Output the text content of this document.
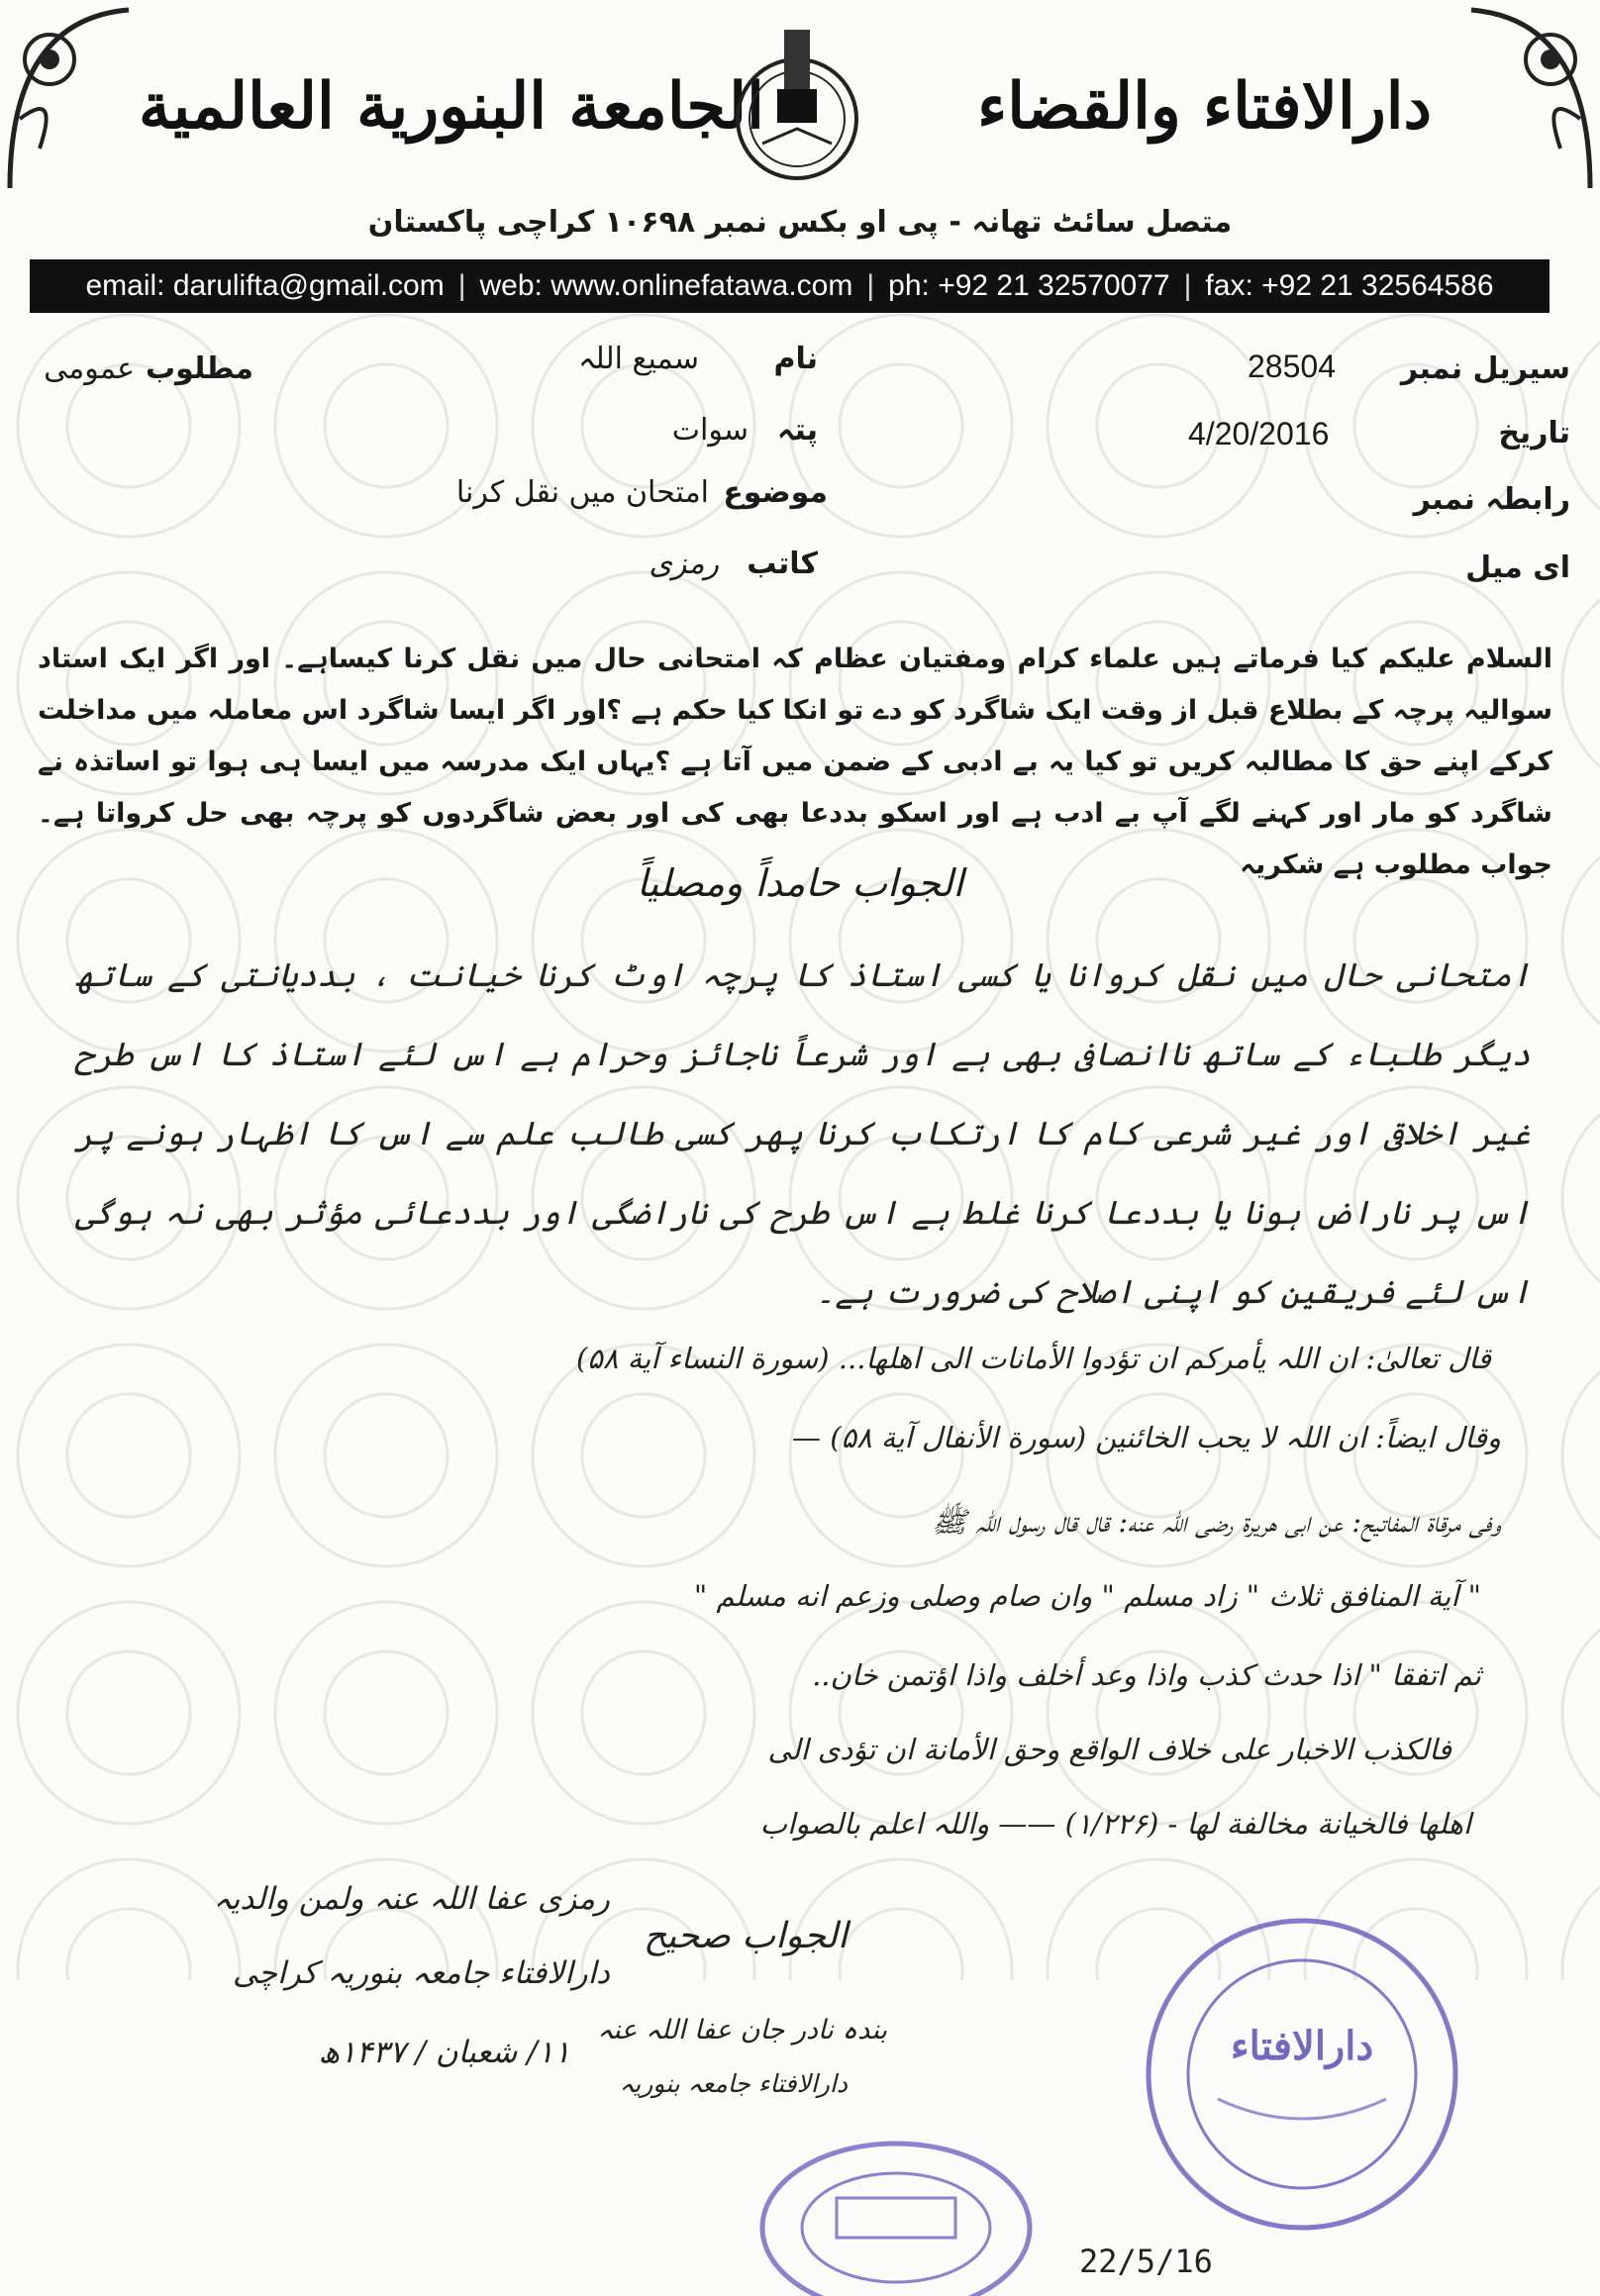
دارالافتاء والقضاء
الجامعة البنورية العالمية
متصل سائٹ تھانہ - پی او بکس نمبر ۱۰۶۹۸ کراچی پاکستان
email: darulifta@gmail.com | web: www.onlinefatawa.com | ph: +92 21 32570077 | fax: +92 21 32564586
سیریل نمبر
28504
تاریخ
4/20/2016
رابطہ نمبر
ای میل
نام
سمیع اللہ
پتہ
سوات
موضوع
امتحان میں نقل کرنا
کاتب
رمزی
مطلوب
عمومی
السلام علیکم کیا فرماتے ہیں علماء کرام ومفتیان عظام کہ امتحانی حال میں نقل کرنا کیساہے۔ اور اگر ایک استاد سوالیہ پرچہ کے بطلاع قبل از وقت ایک شاگرد کو دے تو انکا کیا حکم ہے ؟اور اگر ایسا شاگرد اس معاملہ میں مداخلت کرکے اپنے حق کا مطالبہ کریں تو کیا یہ بے ادبی کے ضمن میں آتا ہے ؟یہاں ایک مدرسہ میں ایسا ہی ہوا تو اساتذہ نے شاگرد کو مار اور کہنے لگے آپ بے ادب ہے اور اسکو بددعا بھی کی اور بعض شاگردوں کو پرچہ بھی حل کرواتا ہے۔ جواب مطلوب ہے شکریہ
الجواب حامداً ومصلیاً
امتحانی حال میں نقل کروانا یا کسی استاذ کا پرچہ اوٹ کرنا خیانت ، بددیانتی کے ساتھ دیگر طلباء کے ساتھ ناانصافی بھی ہے اور شرعاً ناجائز وحرام ہے اس لئے استاذ کا اس طرح غیر اخلاقی اور غیر شرعی کام کا ارتکاب کرنا پھر کسی طالب علم سے اس کا اظہار ہونے پر اس پر ناراض ہونا یا بددعا کرنا غلط ہے اس طرح کی ناراضگی اور بددعائی مؤثر بھی نہ ہوگی اس لئے فریقین کو اپنی اصلاح کی ضرورت ہے۔
قال تعالیٰ: ان اللہ یأمرکم ان تؤدوا الأمانات الی اهلها... (سورة النساء آیة ۵۸)
وقال ایضاً: ان اللہ لا یحب الخائنین (سورة الأنفال آیة ۵۸) —
وفی مرقاة المفاتیح: عن ابی هریرة رضی اللہ عنه: قال قال رسول اللہ ﷺ
" آیة المنافق ثلاث " زاد مسلم " وان صام وصلی وزعم انه مسلم "
ثم اتفقا " اذا حدث کذب واذا وعد أخلف واذا اؤتمن خان..
فالکذب الاخبار علی خلاف الواقع وحق الأمانة ان تؤدی الی
اهلها فالخیانة مخالفة لها - (۱/۲۲۶) —— واللہ اعلم بالصواب
رمزی عفا اللہ عنہ ولمن والدیہ
دارالافتاء جامعہ بنوریہ کراچی
۱۱/ شعبان / ۱۴۳۷ھ
الجواب صحیح
بندہ نادر جان عفا اللہ عنہ
دارالافتاء جامعہ بنوریہ
دارالافتاء
22/5/16
